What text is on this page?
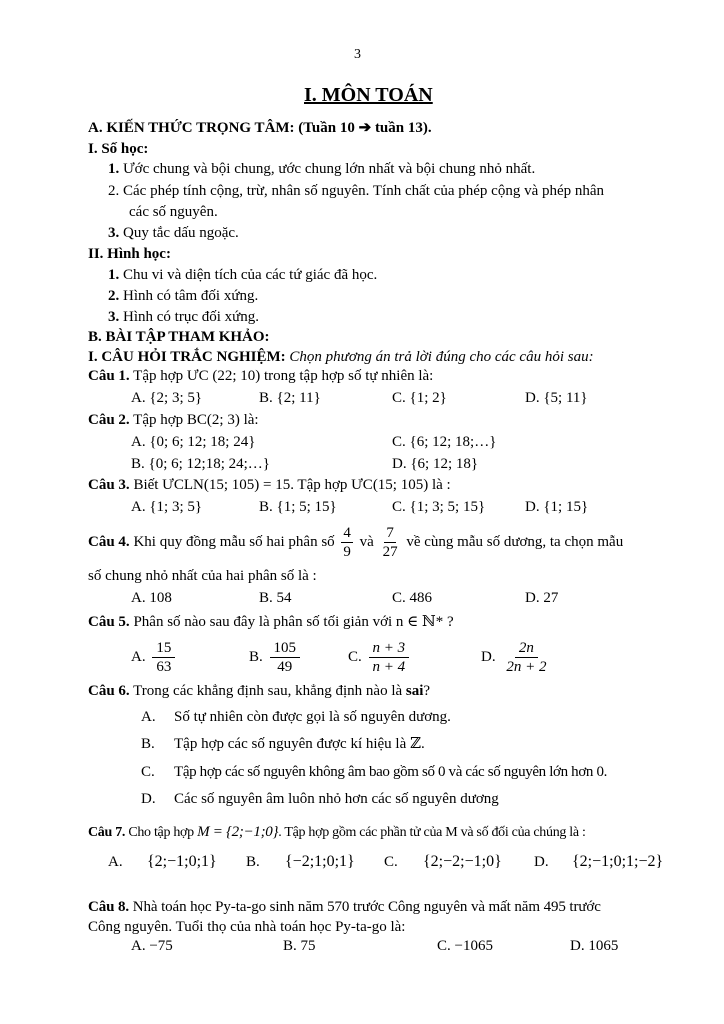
3
I. MÔN TOÁN
A. KIẾN THỨC TRỌNG TÂM: (Tuần 10 ➔ tuần 13).
I. Số học:
1. Ước chung và bội chung, ước chung lớn nhất và bội chung nhỏ nhất.
2. Các phép tính cộng, trừ, nhân số nguyên. Tính chất của phép cộng và phép nhân
các số nguyên.
3. Quy tắc dấu ngoặc.
II. Hình học:
1. Chu vi và diện tích của các tứ giác đã học.
2. Hình có tâm đối xứng.
3. Hình có trục đối xứng.
B. BÀI TẬP THAM KHẢO:
I. CÂU HỎI TRẮC NGHIỆM: Chọn phương án trả lời đúng cho các câu hỏi sau:
Câu 1. Tập hợp ƯC (22; 10) trong tập hợp số tự nhiên là:
A. {2; 3; 5}	B. {2; 11}	C. {1; 2}	D. {5; 11}
Câu 2. Tập hợp BC(2; 3) là:
A. {0; 6; 12; 18; 24}	C. {6; 12; 18;…}
B. {0; 6; 12;18; 24;…}	D. {6; 12; 18}
Câu 3. Biết ƯCLN(15; 105) = 15. Tập hợp ƯC(15; 105) là :
A. {1; 3; 5}	B. {1; 5; 15}	C. {1; 3; 5; 15}	D. {1; 15}
Câu 4. Khi quy đồng mẫu số hai phân số $\frac{4}{9}$ và $\frac{7}{27}$ về cùng mẫu số dương, ta chọn mẫu
số chung nhỏ nhất của hai phân số là :
A. 108	B. 54	C. 486	D. 27
Câu 5. Phân số nào sau đây là phân số tối giản với n ∈ ℕ* ?
A. $\frac{15}{63}$	B. $\frac{105}{49}$	C. $\frac{n + 3}{n + 4}$	D. $\frac{2n}{2n + 2}$
Câu 6. Trong các khẳng định sau, khẳng định nào là sai?
A. Số tự nhiên còn được gọi là số nguyên dương.
B. Tập hợp các số nguyên được kí hiệu là ℤ.
C. Tập hợp các số nguyên không âm bao gồm số 0 và các số nguyên lớn hơn 0.
D. Các số nguyên âm luôn nhỏ hơn các số nguyên dương
Câu 7. Cho tập hợp M = {2;−1;0}. Tập hợp gồm các phần tử của M và số đối của chúng là :
A. {2;−1;0;1} B. {−2;1;0;1} C. {2;−2;−1;0} D. {2;−1;0;1;−2}
Câu 8. Nhà toán học Py-ta-go sinh năm 570 trước Công nguyên và mất năm 495 trước
Công nguyên. Tuổi thọ của nhà toán học Py-ta-go là:
A. −75	B. 75	C. −1065	D. 1065
